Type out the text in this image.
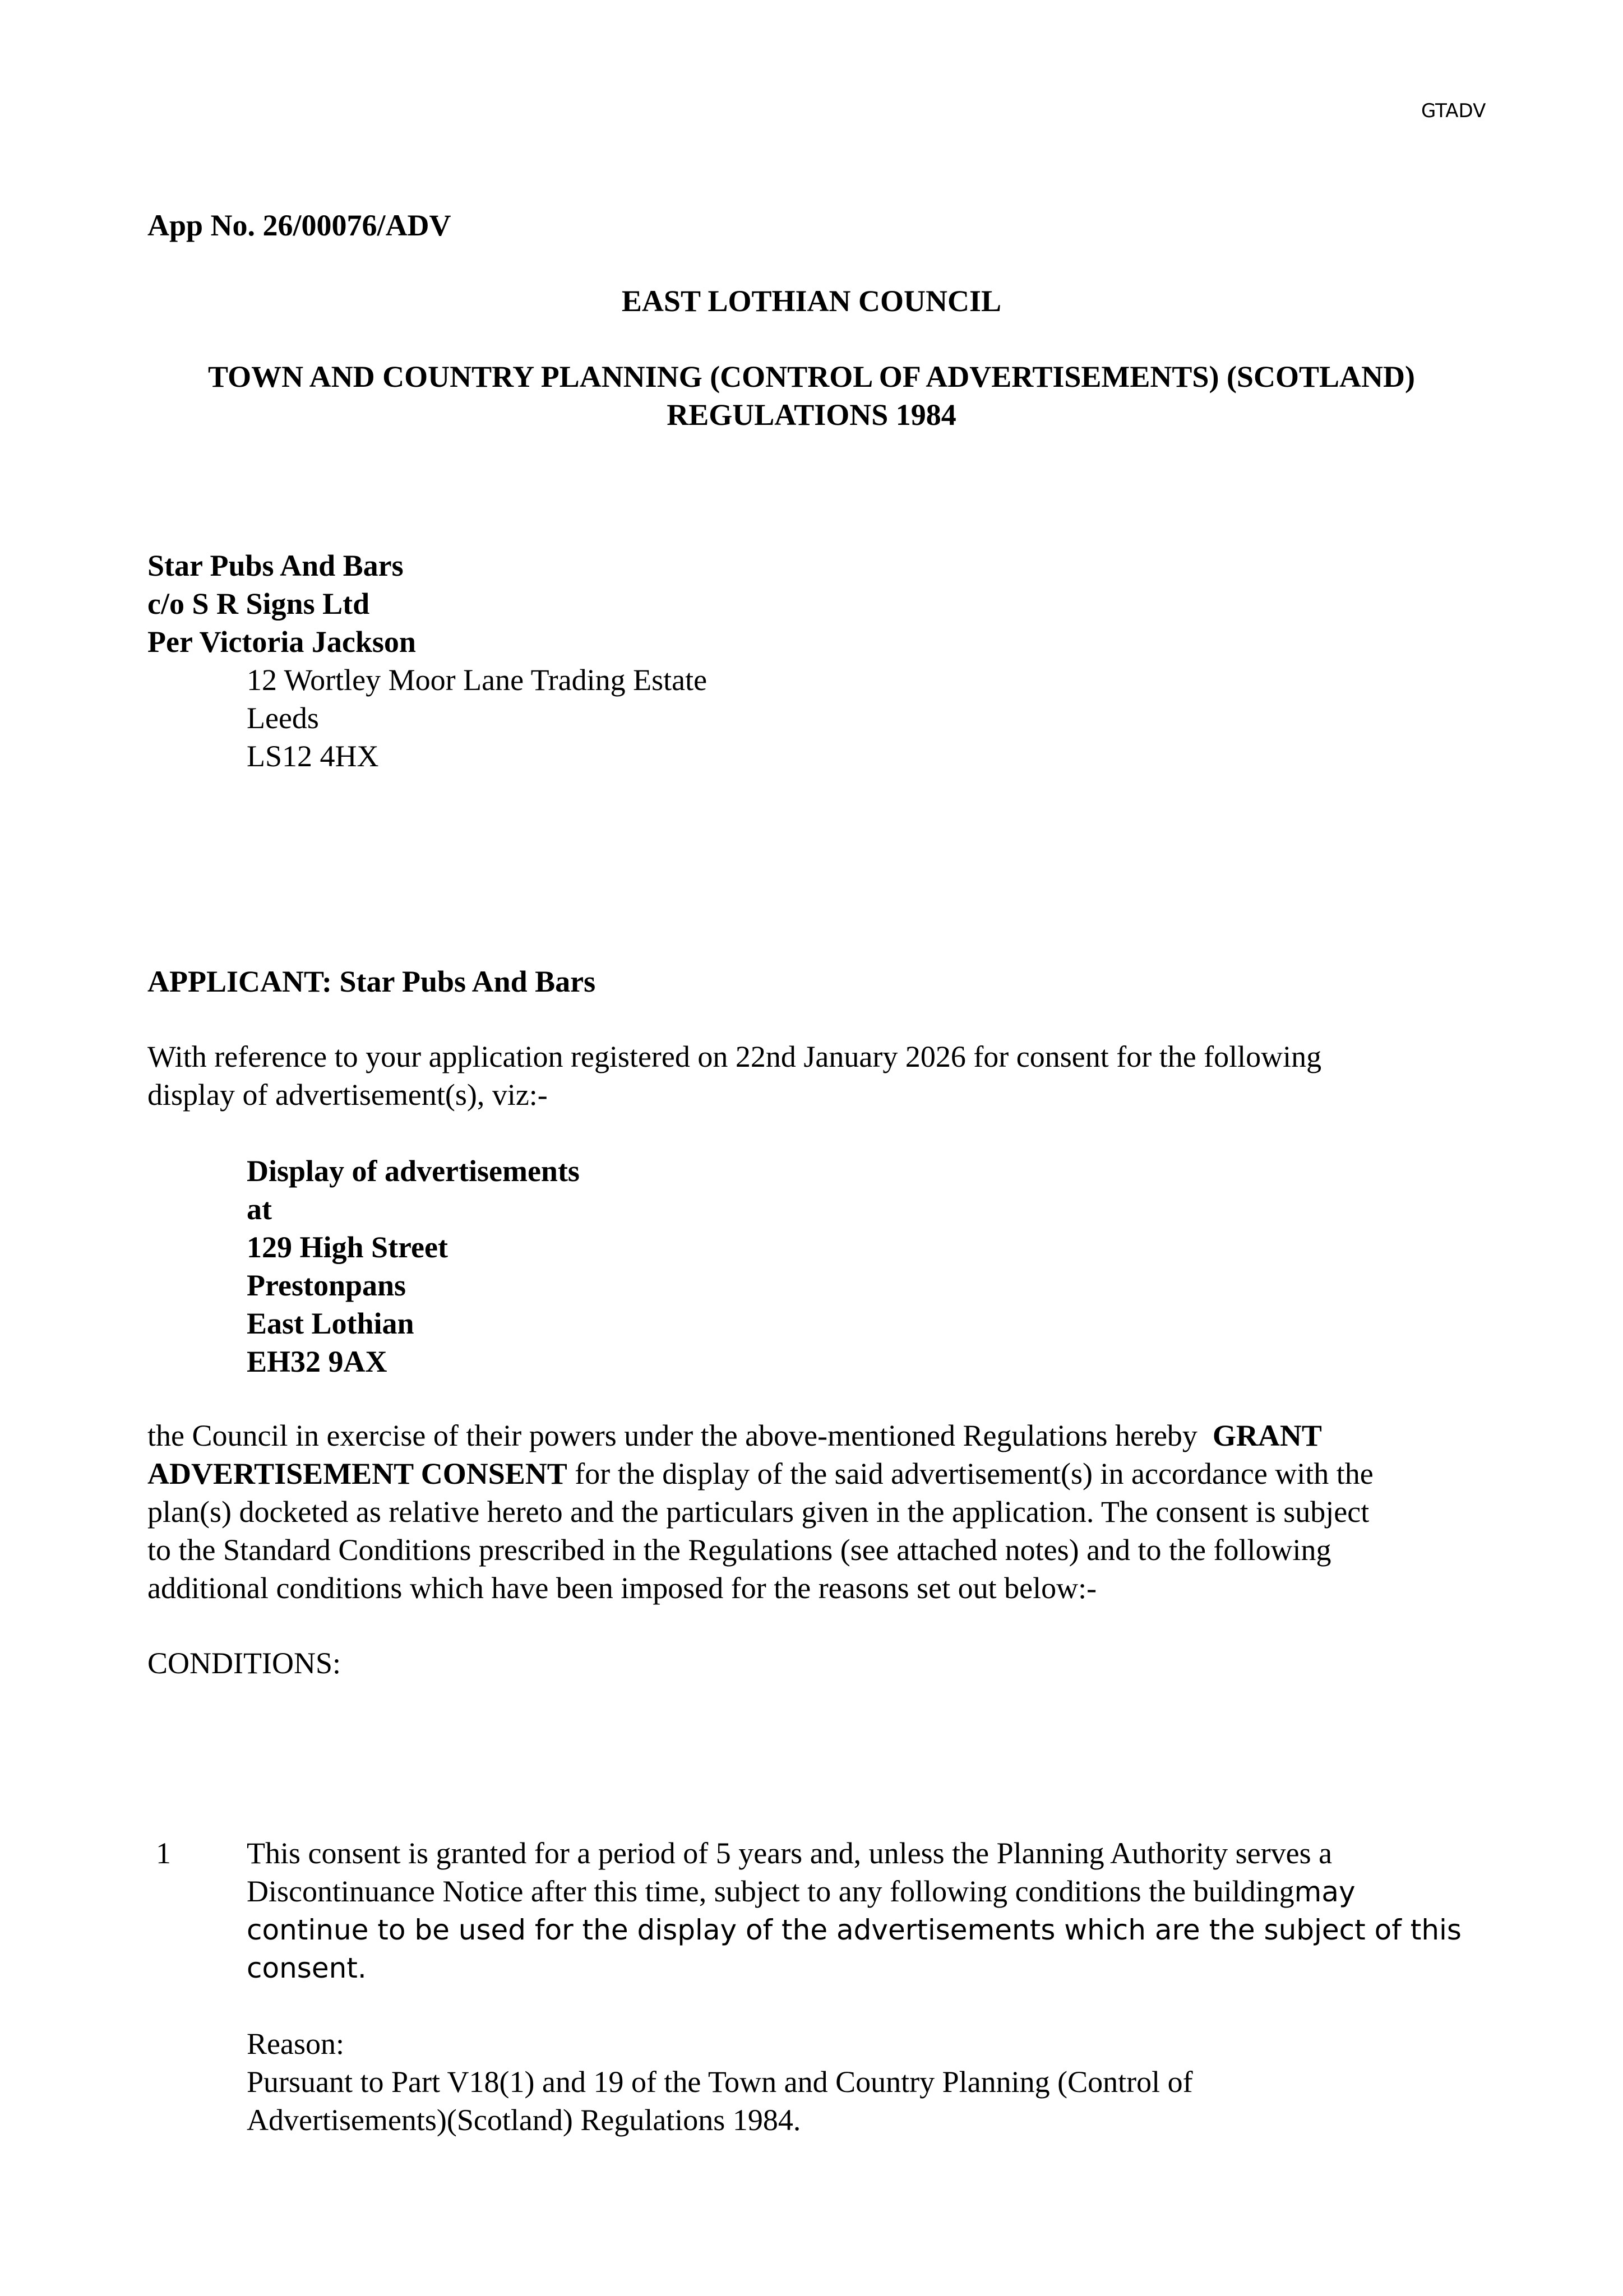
GTADV
App No. 26/00076/ADV
EAST LOTHIAN COUNCIL
TOWN AND COUNTRY PLANNING (CONTROL OF ADVERTISEMENTS) (SCOTLAND)
REGULATIONS 1984
Star Pubs And Bars
c/o S R Signs Ltd
Per Victoria Jackson
12 Wortley Moor Lane Trading Estate
Leeds
LS12 4HX
APPLICANT: Star Pubs And Bars
With reference to your application registered on 22nd January 2026 for consent for the following
display of advertisement(s), viz:-
Display of advertisements
at
129 High Street
Prestonpans
East Lothian
EH32 9AX
the Council in exercise of their powers under the above-mentioned Regulations hereby GRANT
ADVERTISEMENT CONSENT for the display of the said advertisement(s) in accordance with the
plan(s) docketed as relative hereto and the particulars given in the application. The consent is subject
to the Standard Conditions prescribed in the Regulations (see attached notes) and to the following
additional conditions which have been imposed for the reasons set out below:-
CONDITIONS:
1	This consent is granted for a period of 5 years and, unless the Planning Authority serves a
Discontinuance Notice after this time, subject to any following conditions the buildingmay
continue to be used for the display of the advertisements which are the subject of this
consent.
Reason:
Pursuant to Part V18(1) and 19 of the Town and Country Planning (Control of
Advertisements)(Scotland) Regulations 1984.
